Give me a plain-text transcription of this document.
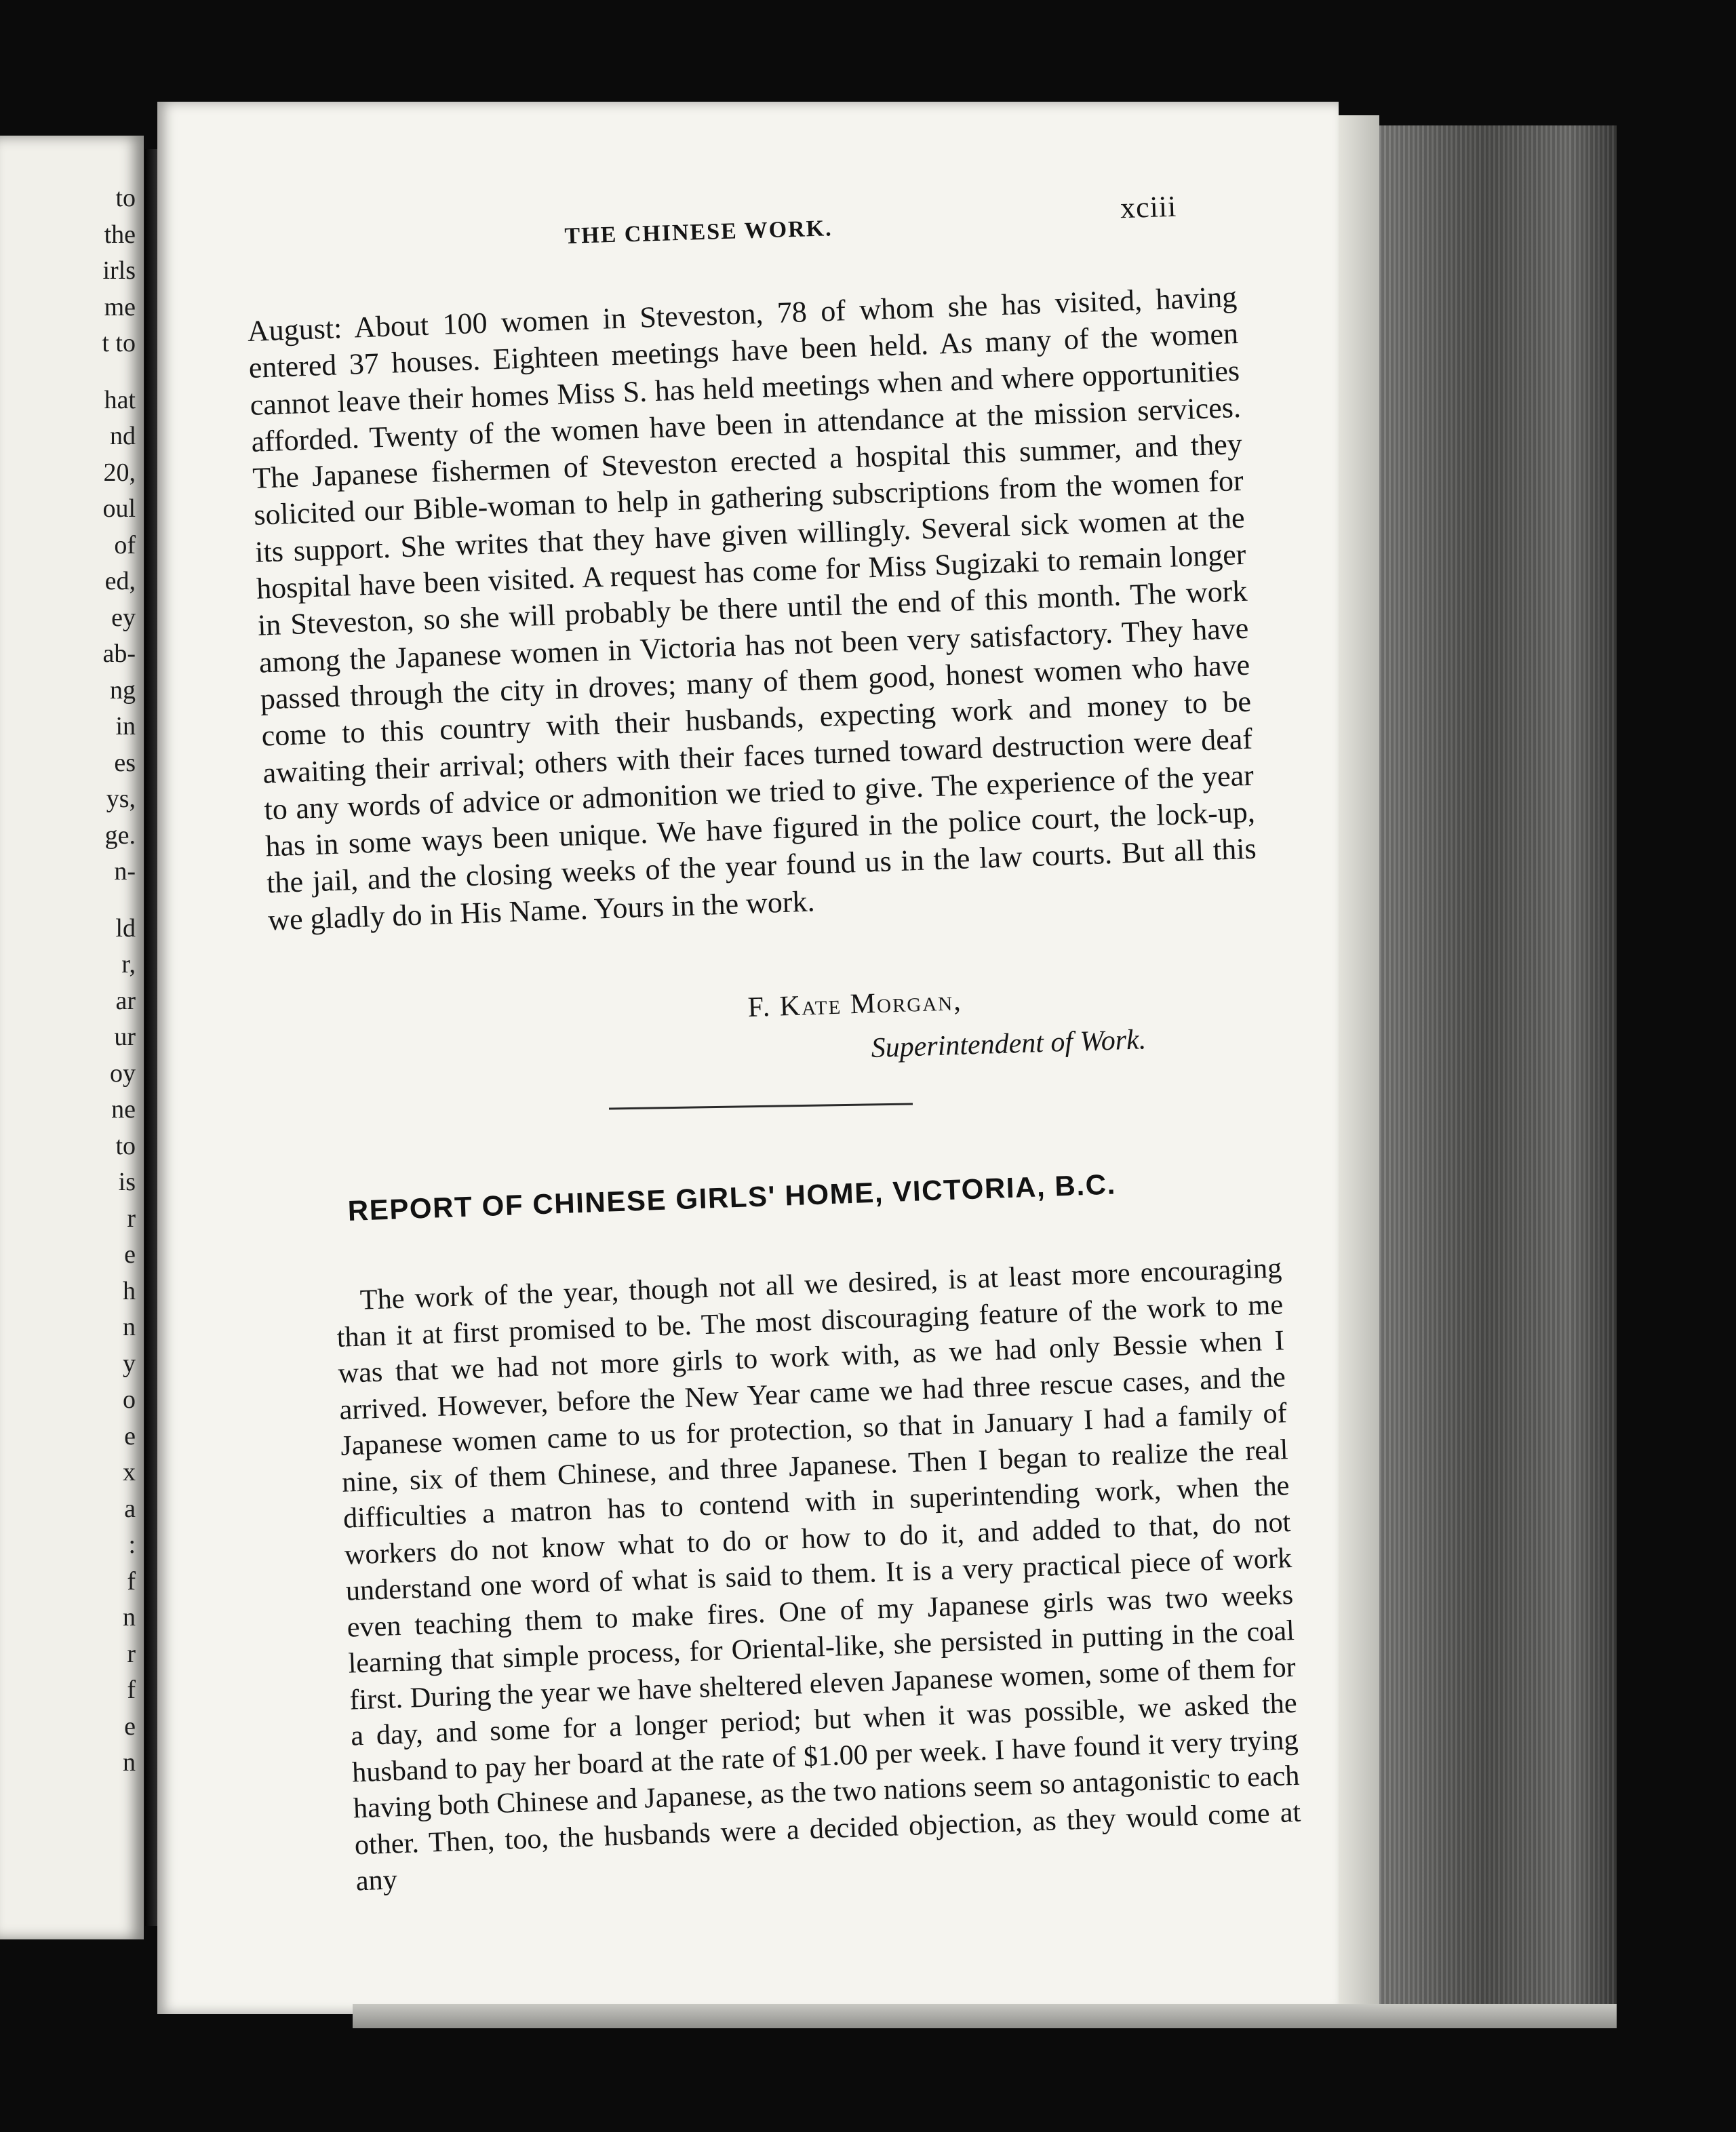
to
the
irls
me
t to
hat
nd
20,
oul
of
ed,
ey
ab-
ng
in
es
ys,
ge.
n-
ld
r,
ar
ur
oy
ne
to
is
r
e
h
n
y
o
e
x
a
:
f
n
r
f
e
n
THE CHINESE WORK.
xciii

August: About 100 women in Steveston, 78 of whom she has visited, having entered 37 houses. Eighteen meetings have been held. As many of the women cannot leave their homes Miss S. has held meetings when and where opportunities afforded. Twenty of the women have been in attendance at the mission services. The Japanese fishermen of Steveston erected a hospital this summer, and they solicited our Bible-woman to help in gathering subscriptions from the women for its support. She writes that they have given willingly. Several sick women at the hospital have been visited. A request has come for Miss Sugizaki to remain longer in Steveston, so she will probably be there until the end of this month. The work among the Japanese women in Victoria has not been very satisfactory. They have passed through the city in droves; many of them good, honest women who have come to this country with their husbands, expecting work and money to be awaiting their arrival; others with their faces turned toward destruction were deaf to any words of advice or admonition we tried to give. The experience of the year has in some ways been unique. We have figured in the police court, the lock-up, the jail, and the closing weeks of the year found us in the law courts. But all this we gladly do in His Name. Yours in the work.

F. Kate Morgan,
Superintendent of Work.
REPORT OF CHINESE GIRLS' HOME, VICTORIA, B.C.

The work of the year, though not all we desired, is at least more encouraging than it at first promised to be. The most discouraging feature of the work to me was that we had not more girls to work with, as we had only Bessie when I arrived. However, before the New Year came we had three rescue cases, and the Japanese women came to us for protection, so that in January I had a family of nine, six of them Chinese, and three Japanese. Then I began to realize the real difficulties a matron has to contend with in superintending work, when the workers do not know what to do or how to do it, and added to that, do not understand one word of what is said to them. It is a very practical piece of work even teaching them to make fires. One of my Japanese girls was two weeks learning that simple process, for Oriental-like, she persisted in putting in the coal first. During the year we have sheltered eleven Japanese women, some of them for a day, and some for a longer period; but when it was possible, we asked the husband to pay her board at the rate of $1.00 per week. I have found it very trying having both Chinese and Japanese, as the two nations seem so antagonistic to each other. Then, too, the husbands were a decided objection, as they would come at any
